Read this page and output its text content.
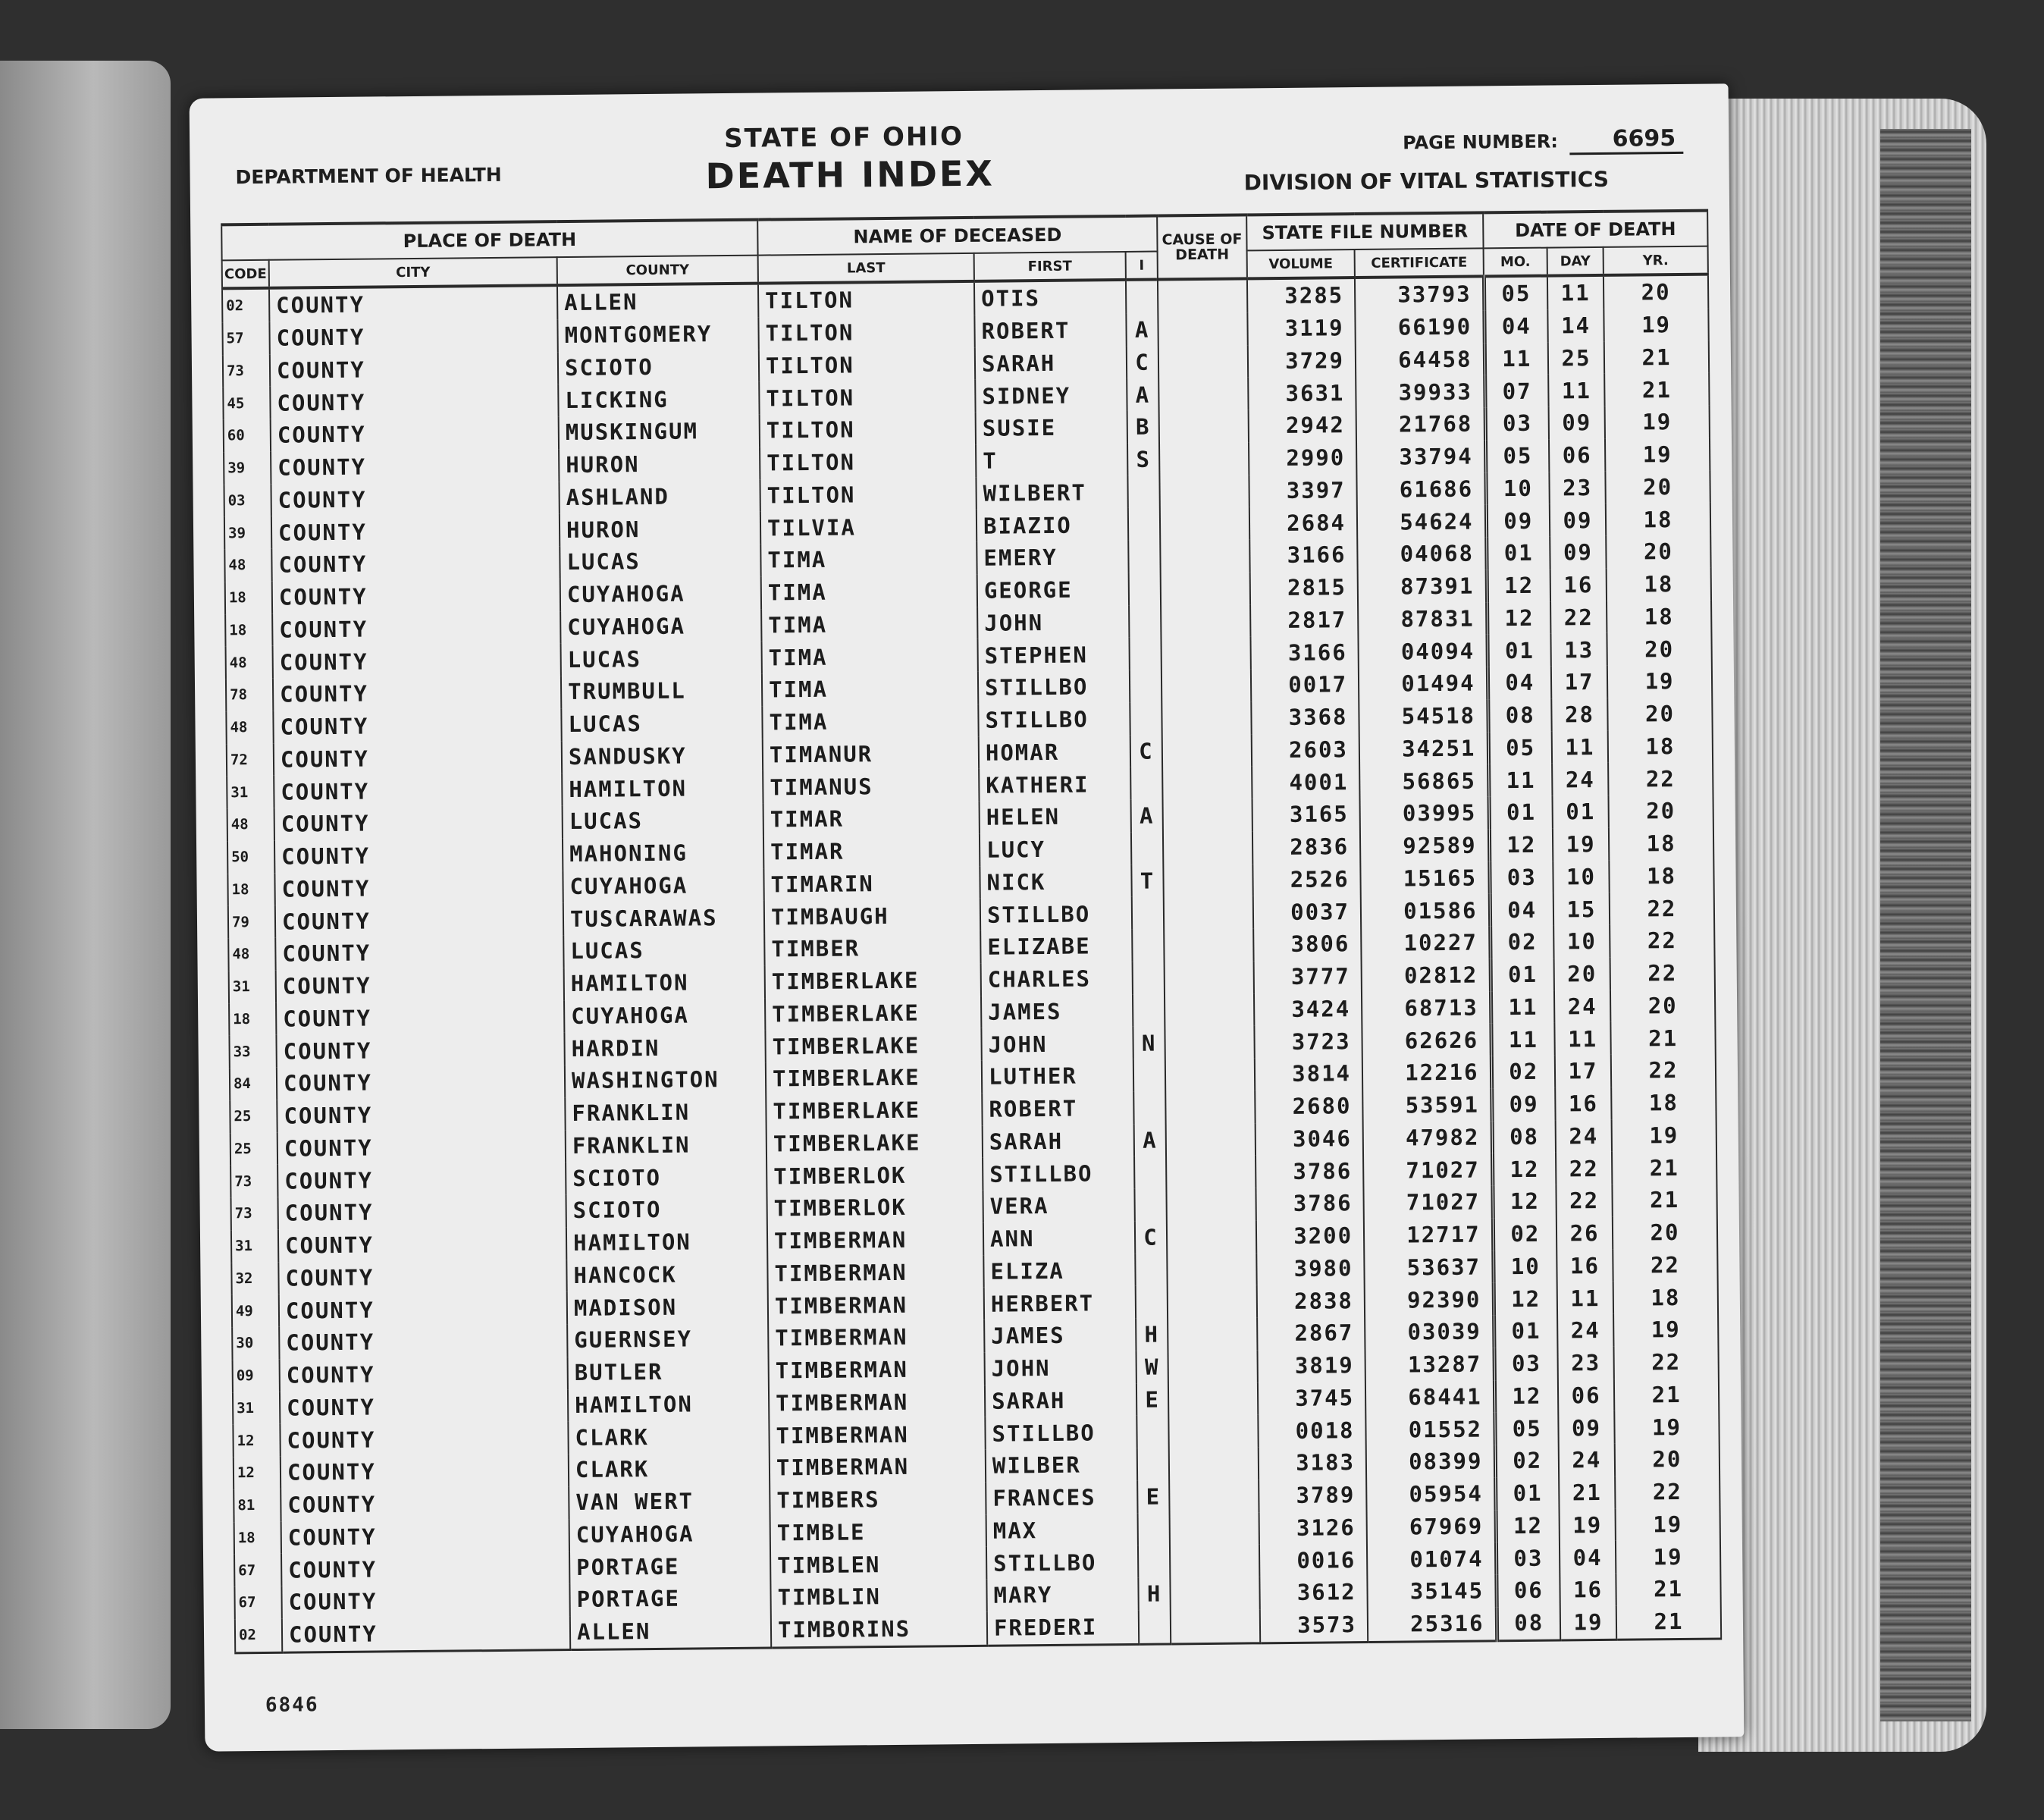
DEPARTMENT OF HEALTH
STATE OF OHIO
DEATH INDEX
PAGE NUMBER:	6695
DIVISION OF VITAL STATISTICS
PLACE OF DEATH			NAME OF DECEASED			CAUSE OF DEATH	STATE FILE NUMBER		DATE OF DEATH		
CODE	CITY	COUNTY	LAST	FIRST	I		VOLUME	CERTIFICATE	MO.	DAY	YR.
02	COUNTY	ALLEN	TILTON	OTIS			3285	33793	05	11	20
57	COUNTY	MONTGOMERY	TILTON	ROBERT	A		3119	66190	04	14	19
73	COUNTY	SCIOTO	TILTON	SARAH	C		3729	64458	11	25	21
45	COUNTY	LICKING	TILTON	SIDNEY	A		3631	39933	07	11	21
60	COUNTY	MUSKINGUM	TILTON	SUSIE	B		2942	21768	03	09	19
39	COUNTY	HURON	TILTON	T	S		2990	33794	05	06	19
03	COUNTY	ASHLAND	TILTON	WILBERT			3397	61686	10	23	20
39	COUNTY	HURON	TILVIA	BIAZIO			2684	54624	09	09	18
48	COUNTY	LUCAS	TIMA	EMERY			3166	04068	01	09	20
18	COUNTY	CUYAHOGA	TIMA	GEORGE			2815	87391	12	16	18
18	COUNTY	CUYAHOGA	TIMA	JOHN			2817	87831	12	22	18
48	COUNTY	LUCAS	TIMA	STEPHEN			3166	04094	01	13	20
78	COUNTY	TRUMBULL	TIMA	STILLBO			0017	01494	04	17	19
48	COUNTY	LUCAS	TIMA	STILLBO			3368	54518	08	28	20
72	COUNTY	SANDUSKY	TIMANUR	HOMAR	C		2603	34251	05	11	18
31	COUNTY	HAMILTON	TIMANUS	KATHERI			4001	56865	11	24	22
48	COUNTY	LUCAS	TIMAR	HELEN	A		3165	03995	01	01	20
50	COUNTY	MAHONING	TIMAR	LUCY			2836	92589	12	19	18
18	COUNTY	CUYAHOGA	TIMARIN	NICK	T		2526	15165	03	10	18
79	COUNTY	TUSCARAWAS	TIMBAUGH	STILLBO			0037	01586	04	15	22
48	COUNTY	LUCAS	TIMBER	ELIZABE			3806	10227	02	10	22
31	COUNTY	HAMILTON	TIMBERLAKE	CHARLES			3777	02812	01	20	22
18	COUNTY	CUYAHOGA	TIMBERLAKE	JAMES			3424	68713	11	24	20
33	COUNTY	HARDIN	TIMBERLAKE	JOHN	N		3723	62626	11	11	21
84	COUNTY	WASHINGTON	TIMBERLAKE	LUTHER			3814	12216	02	17	22
25	COUNTY	FRANKLIN	TIMBERLAKE	ROBERT			2680	53591	09	16	18
25	COUNTY	FRANKLIN	TIMBERLAKE	SARAH	A		3046	47982	08	24	19
73	COUNTY	SCIOTO	TIMBERLOK	STILLBO			3786	71027	12	22	21
73	COUNTY	SCIOTO	TIMBERLOK	VERA			3786	71027	12	22	21
31	COUNTY	HAMILTON	TIMBERMAN	ANN	C		3200	12717	02	26	20
32	COUNTY	HANCOCK	TIMBERMAN	ELIZA			3980	53637	10	16	22
49	COUNTY	MADISON	TIMBERMAN	HERBERT			2838	92390	12	11	18
30	COUNTY	GUERNSEY	TIMBERMAN	JAMES	H		2867	03039	01	24	19
09	COUNTY	BUTLER	TIMBERMAN	JOHN	W		3819	13287	03	23	22
31	COUNTY	HAMILTON	TIMBERMAN	SARAH	E		3745	68441	12	06	21
12	COUNTY	CLARK	TIMBERMAN	STILLBO			0018	01552	05	09	19
12	COUNTY	CLARK	TIMBERMAN	WILBER			3183	08399	02	24	20
81	COUNTY	VAN WERT	TIMBERS	FRANCES	E		3789	05954	01	21	22
18	COUNTY	CUYAHOGA	TIMBLE	MAX			3126	67969	12	19	19
67	COUNTY	PORTAGE	TIMBLEN	STILLBO			0016	01074	03	04	19
67	COUNTY	PORTAGE	TIMBLIN	MARY	H		3612	35145	06	16	21
02	COUNTY	ALLEN	TIMBORINS	FREDERI			3573	25316	08	19	21
6846
